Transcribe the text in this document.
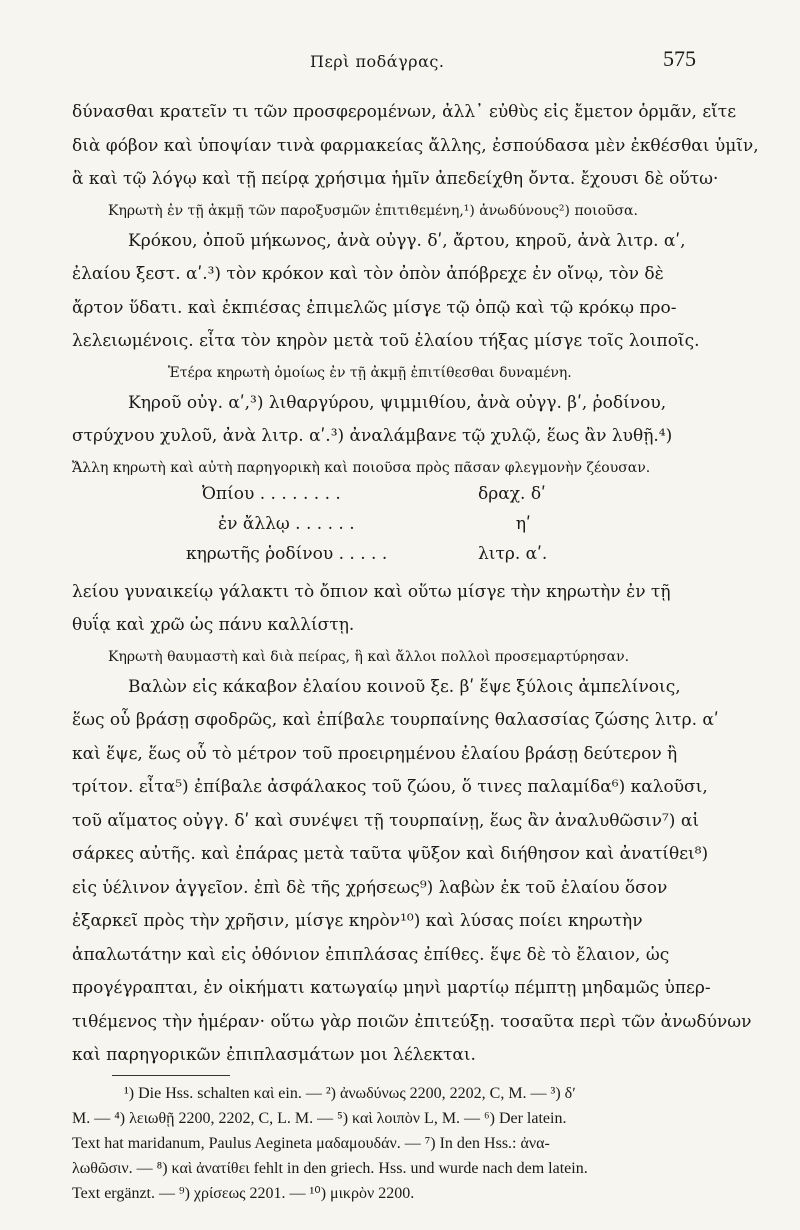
Περὶ ποδάγρας.	575
δύνασθαι κρατεῖν τι τῶν προσφερομένων, ἀλλ᾽ εὐθὺς εἰς ἔμετον ὁρμᾶν, εἴτε
διὰ φόβον καὶ ὑποψίαν τινὰ φαρμακείας ἄλλης, ἐσπούδασα μὲν ἐκθέσθαι ὑμῖν,
ἃ καὶ τῷ λόγῳ καὶ τῇ πείρᾳ χρήσιμα ἡμῖν ἀπεδείχθη ὄντα. ἔχουσι δὲ οὕτω·
Κηρωτὴ ἐν τῇ ἀκμῇ τῶν παροξυσμῶν ἐπιτιθεμένη,¹) ἀνωδύνους²) ποιοῦσα.
Κρόκου, ὀποῦ μήκωνος, ἀνὰ οὐγγ. δʹ, ἄρτου, κηροῦ, ἀνὰ λιτρ. αʹ,
ἐλαίου ξεστ. αʹ.³) τὸν κρόκον καὶ τὸν ὀπὸν ἀπόβρεχε ἐν οἴνῳ, τὸν δὲ
ἄρτον ὕδατι. καὶ ἐκπιέσας ἐπιμελῶς μίσγε τῷ ὀπῷ καὶ τῷ κρόκῳ προ-
λελειωμένοις. εἶτα τὸν κηρὸν μετὰ τοῦ ἐλαίου τήξας μίσγε τοῖς λοιποῖς.
Ἑτέρα κηρωτὴ ὁμοίως ἐν τῇ ἀκμῇ ἐπιτίθεσθαι δυναμένη.
Κηροῦ οὐγ. αʹ,³) λιθαργύρου, ψιμμιθίου, ἀνὰ οὐγγ. βʹ, ῥοδίνου,
στρύχνου χυλοῦ, ἀνὰ λιτρ. αʹ.³) ἀναλάμβανε τῷ χυλῷ, ἕως ἂν λυθῇ.⁴)
Ἄλλη κηρωτὴ καὶ αὐτὴ παρηγορικὴ καὶ ποιοῦσα πρὸς πᾶσαν φλεγμονὴν ζέουσαν.
Ὀπίου . . . . . . . .	δραχ. δʹ
ἐν ἄλλῳ . . . . . .	ηʹ
κηρωτῆς ῥοδίνου . . . . .	λιτρ. αʹ.
λείου γυναικείῳ γάλακτι τὸ ὄπιον καὶ οὕτω μίσγε τὴν κηρωτὴν ἐν τῇ
θυΐᾳ καὶ χρῶ ὡς πάνυ καλλίστῃ.
Κηρωτὴ θαυμαστὴ καὶ διὰ πείρας, ἣ καὶ ἄλλοι πολλοὶ προσεμαρτύρησαν.
Βαλὼν εἰς κάκαβον ἐλαίου κοινοῦ ξε. βʹ ἕψε ξύλοις ἀμπελίνοις,
ἕως οὗ βράσῃ σφοδρῶς, καὶ ἐπίβαλε τουρπαίνης θαλασσίας ζώσης λιτρ. αʹ
καὶ ἕψε, ἕως οὗ τὸ μέτρον τοῦ προειρημένου ἐλαίου βράσῃ δεύτερον ἢ
τρίτον. εἶτα⁵) ἐπίβαλε ἀσφάλακος τοῦ ζώου, ὅ τινες παλαμίδα⁶) καλοῦσι,
τοῦ αἵματος οὐγγ. δʹ καὶ συνέψει τῇ τουρπαίνῃ, ἕως ἂν ἀναλυθῶσιν⁷) αἱ
σάρκες αὐτῆς. καὶ ἐπάρας μετὰ ταῦτα ψῦξον καὶ διήθησον καὶ ἀνατίθει⁸)
εἰς ὑέλινον ἀγγεῖον. ἐπὶ δὲ τῆς χρήσεως⁹) λαβὼν ἐκ τοῦ ἐλαίου ὅσον
ἐξαρκεῖ πρὸς τὴν χρῆσιν, μίσγε κηρὸν¹⁰) καὶ λύσας ποίει κηρωτὴν
ἁπαλωτάτην καὶ εἰς ὀθόνιον ἐπιπλάσας ἐπίθες. ἕψε δὲ τὸ ἔλαιον, ὡς
προγέγραπται, ἐν οἰκήματι κατωγαίῳ μηνὶ μαρτίῳ πέμπτῃ μηδαμῶς ὑπερ-
τιθέμενος τὴν ἡμέραν· οὕτω γὰρ ποιῶν ἐπιτεύξῃ. τοσαῦτα περὶ τῶν ἀνωδύνων
καὶ παρηγορικῶν ἐπιπλασμάτων μοι λέλεκται.
¹) Die Hss. schalten καὶ ein. — ²) ἀνωδύνως 2200, 2202, C, M. — ³) δʹ
M. — ⁴) λειωθῇ 2200, 2202, C, L. M. — ⁵) καὶ λοιπὸν L, M. — ⁶) Der latein.
Text hat maridanum, Paulus Aegineta μαδαμουδάν. — ⁷) In den Hss.: ἀνα-
λωθῶσιν. — ⁸) καὶ ἀνατίθει fehlt in den griech. Hss. und wurde nach dem latein.
Text ergänzt. — ⁹) χρίσεως 2201. — ¹⁰) μικρὸν 2200.
